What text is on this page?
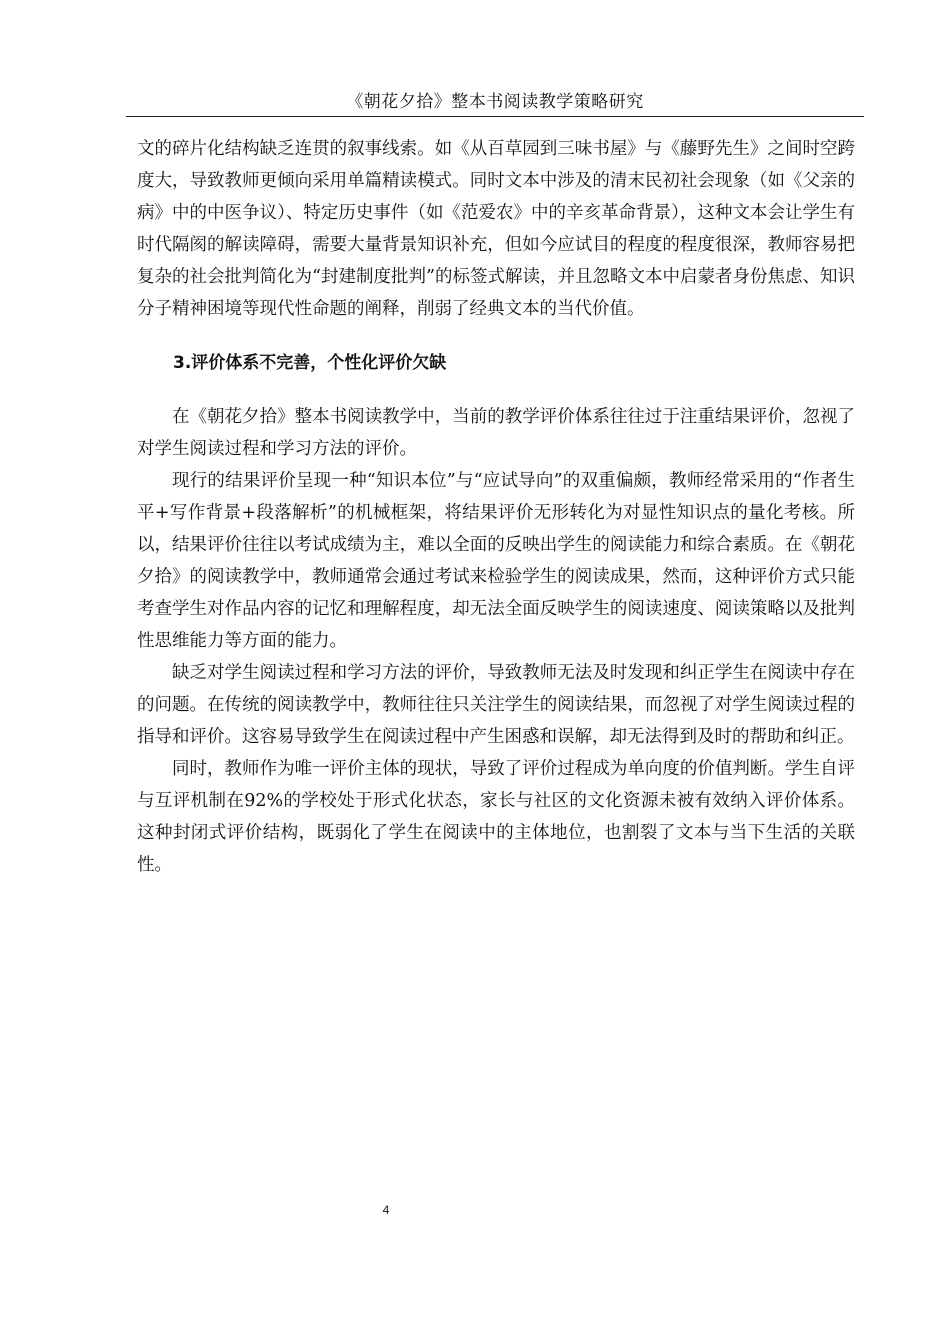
《朝花夕拾》整本书阅读教学策略研究

文的碎片化结构缺乏连贯的叙事线索。如《从百草园到三味书屋》与《藤野先生》之间时空跨度大，导致教师更倾向采用单篇精读模式。同时文本中涉及的清末民初社会现象（如《父亲的病》中的中医争议）、特定历史事件（如《范爱农》中的辛亥革命背景），这种文本会让学生有时代隔阂的解读障碍，需要大量背景知识补充，但如今应试目的程度的程度很深，教师容易把复杂的社会批判简化为“封建制度批判”的标签式解读，并且忽略文本中启蒙者身份焦虑、知识分子精神困境等现代性命题的阐释，削弱了经典文本的当代价值。

3.评价体系不完善，个性化评价欠缺

在《朝花夕拾》整本书阅读教学中，当前的教学评价体系往往过于注重结果评价，忽视了对学生阅读过程和学习方法的评价。

现行的结果评价呈现一种“知识本位”与“应试导向”的双重偏颇，教师经常采用的“作者生平+写作背景+段落解析”的机械框架，将结果评价无形转化为对显性知识点的量化考核。所以，结果评价往往以考试成绩为主，难以全面的反映出学生的阅读能力和综合素质。在《朝花夕拾》的阅读教学中，教师通常会通过考试来检验学生的阅读成果，然而，这种评价方式只能考查学生对作品内容的记忆和理解程度，却无法全面反映学生的阅读速度、阅读策略以及批判性思维能力等方面的能力。

缺乏对学生阅读过程和学习方法的评价，导致教师无法及时发现和纠正学生在阅读中存在的问题。在传统的阅读教学中，教师往往只关注学生的阅读结果，而忽视了对学生阅读过程的指导和评价。这容易导致学生在阅读过程中产生困惑和误解，却无法得到及时的帮助和纠正。

同时，教师作为唯一评价主体的现状，导致了评价过程成为单向度的价值判断。学生自评与互评机制在92%的学校处于形式化状态，家长与社区的文化资源未被有效纳入评价体系。这种封闭式评价结构，既弱化了学生在阅读中的主体地位，也割裂了文本与当下生活的关联性。

4
